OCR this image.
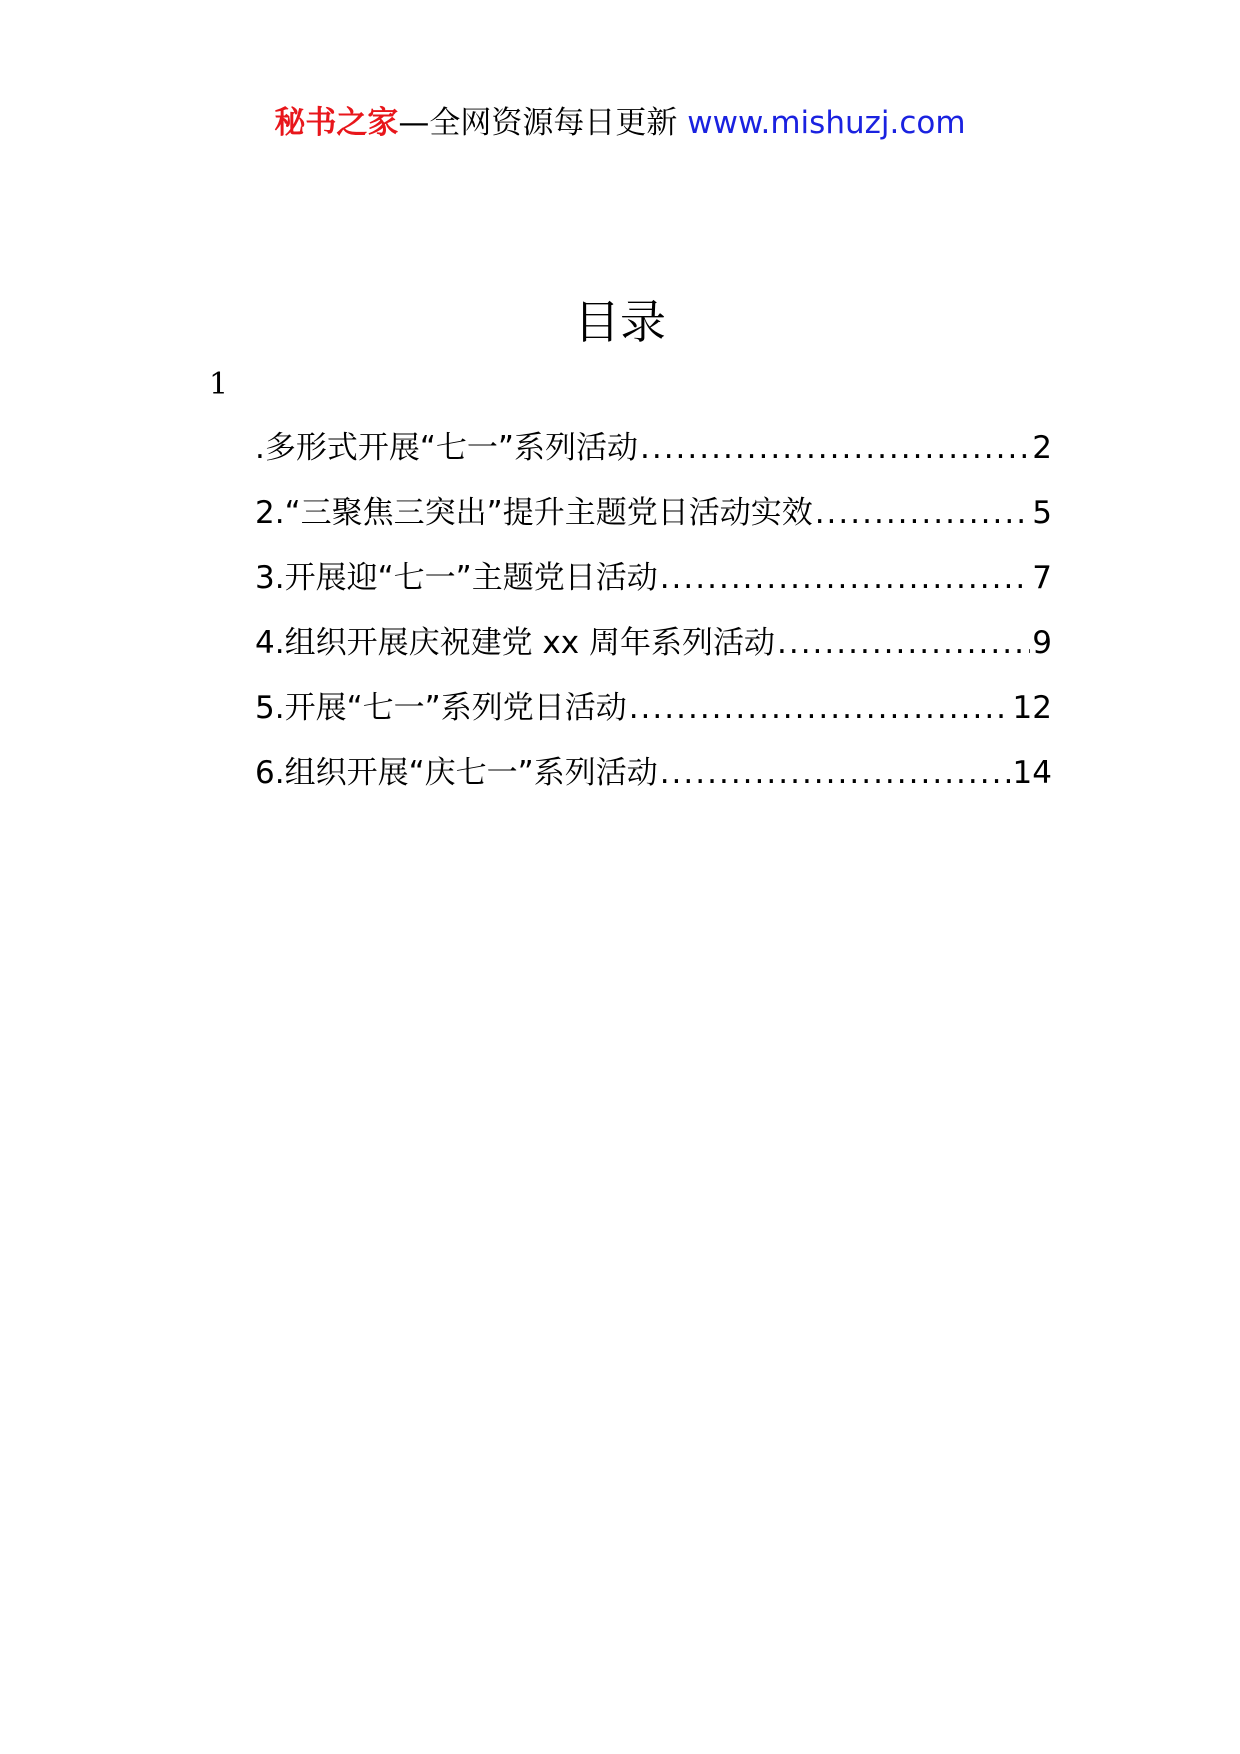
秘书之家—全网资源每日更新 www.mishuzj.com
目录
1
.多形式开展“七一”系列活动 .....	2
2.“三聚焦三突出”提升主题党日活动实效 .....	5
3.开展迎“七一”主题党日活动 .....	7
4.组织开展庆祝建党 xx 周年系列活动 .....	9
5.开展“七一”系列党日活动 .....	12
6.组织开展“庆七一”系列活动 .....	14
